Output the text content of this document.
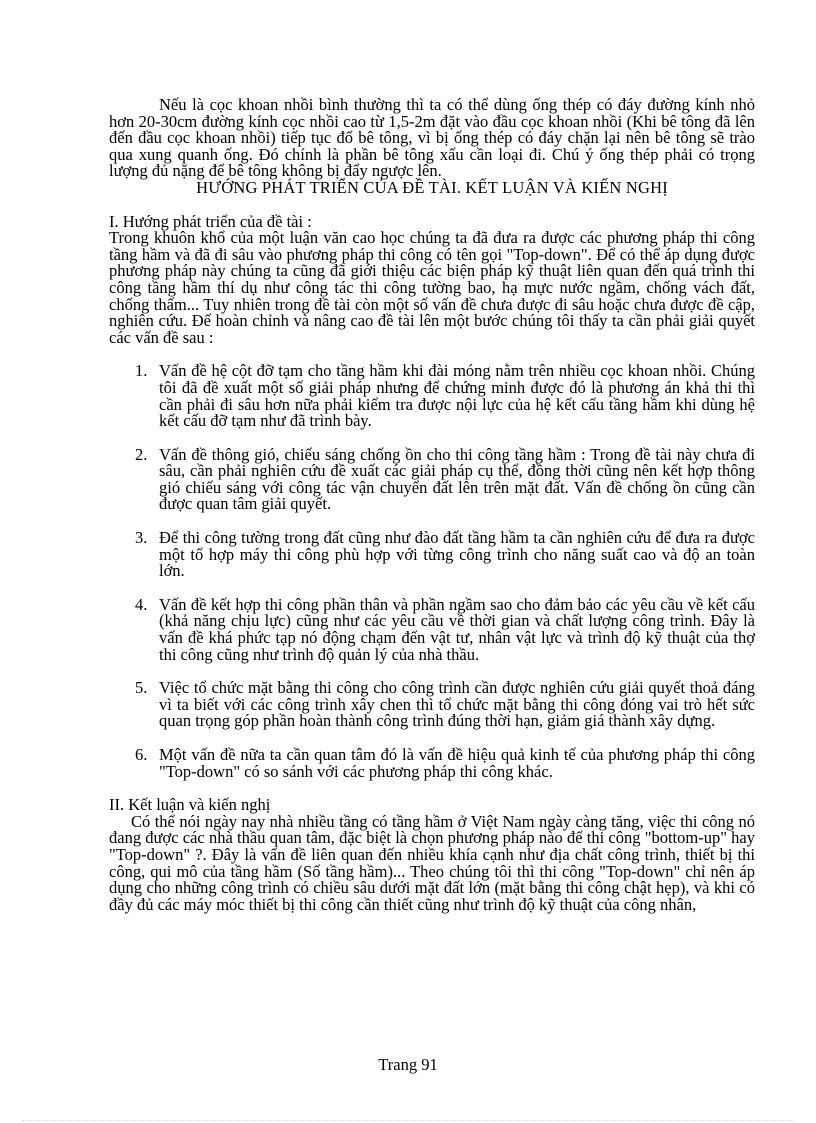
Nếu là cọc khoan nhồi bình thường thì ta có thể dùng ống thép có đáy đường kính nhỏ hơn 20-30cm đường kính cọc nhồi cao từ 1,5-2m đặt vào đầu cọc khoan nhồi (Khi bê tông đã lên đến đầu cọc khoan nhồi) tiếp tục đổ bê tông, vì bị ống thép có đáy chặn lại nên bê tông sẽ trào qua xung quanh ống. Đó chính là phần bê tông xấu cần loại đi. Chú ý ống thép phải có trọng lượng đủ nặng để bê tông không bị đẩy ngược lên.

HƯỚNG PHÁT TRIỂN CỦA ĐỀ TÀI. KẾT LUẬN VÀ KIẾN NGHỊ

I. Hướng phát triển của đề tài :

Trong khuôn khổ của một luận văn cao học chúng ta đã đưa ra được các phương pháp thi công tầng hầm và đã đi sâu vào phương pháp thi công có tên gọi "Top-down". Để có thể áp dụng được phương pháp này chúng ta cũng đã giới thiệu các biện pháp kỹ thuật liên quan đến quá trình thi công tầng hầm thí dụ như công tác thi công tường bao, hạ mực nước ngầm, chống vách đất, chống thấm... Tuy nhiên trong đề tài còn một số vấn đề chưa được đi sâu hoặc chưa được đề cập, nghiên cứu. Để hoàn chỉnh và nâng cao đề tài lên một bước chúng tôi thấy ta cần phải giải quyết các vấn đề sau :

1. Vấn đề hệ cột đỡ tạm cho tầng hầm khi đài móng nằm trên nhiều cọc khoan nhồi. Chúng tôi đã đề xuất một số giải pháp nhưng để chứng minh được đó là phương án khả thi thì cần phải đi sâu hơn nữa phải kiểm tra được nội lực của hệ kết cấu tầng hầm khi dùng hệ kết cấu đỡ tạm như đã trình bày.
2. Vấn đề thông gió, chiếu sáng chống ồn cho thi công tầng hầm : Trong đề tài này chưa đi sâu, cần phải nghiên cứu đề xuất các giải pháp cụ thể, đồng thời cũng nên kết hợp thông gió chiếu sáng với công tác vận chuyển đất lên trên mặt đất. Vấn đề chống ồn cũng cần được quan tâm giải quyết.
3. Để thi công tường trong đất cũng như đào đất tầng hầm ta cần nghiên cứu để đưa ra được một tổ hợp máy thi công phù hợp với từng công trình cho năng suất cao và độ an toàn lớn.
4. Vấn đề kết hợp thi công phần thân và phần ngầm sao cho đảm bảo các yêu cầu về kết cấu (khả năng chịu lực) cũng như các yêu cầu về thời gian và chất lượng công trình. Đây là vấn đề khá phức tạp nó động chạm đến vật tư, nhân vật lực và trình độ kỹ thuật của thợ thi công cũng như trình độ quản lý của nhà thầu.
5. Việc tổ chức mặt bằng thi công cho công trình cần được nghiên cứu giải quyết thoả đáng vì ta biết với các công trình xây chen thì tổ chức mặt bằng thi công đóng vai trò hết sức quan trọng góp phần hoàn thành công trình đúng thời hạn, giảm giá thành xây dựng.
6. Một vấn đề nữa ta cần quan tâm đó là vấn đề hiệu quả kinh tế của phương pháp thi công "Top-down" có so sánh với các phương pháp thi công khác.

II. Kết luận và kiến nghị

Có thể nói ngày nay nhà nhiều tầng có tầng hầm ở Việt Nam ngày càng tăng, việc thi công nó đang được các nhà thầu quan tâm, đặc biệt là chọn phương pháp nào để thi công "bottom-up" hay "Top-down" ?. Đây là vấn đề liên quan đến nhiều khía cạnh như địa chất công trình, thiết bị thi công, qui mô của tầng hầm (Số tầng hầm)... Theo chúng tôi thì thi công "Top-down" chỉ nên áp dụng cho những công trình có chiều sâu dưới mặt đất lớn (mặt bằng thi công chật hẹp), và khi có đầy đủ các máy móc thiết bị thi công cần thiết cũng như trình độ kỹ thuật của công nhân,

Trang 91
